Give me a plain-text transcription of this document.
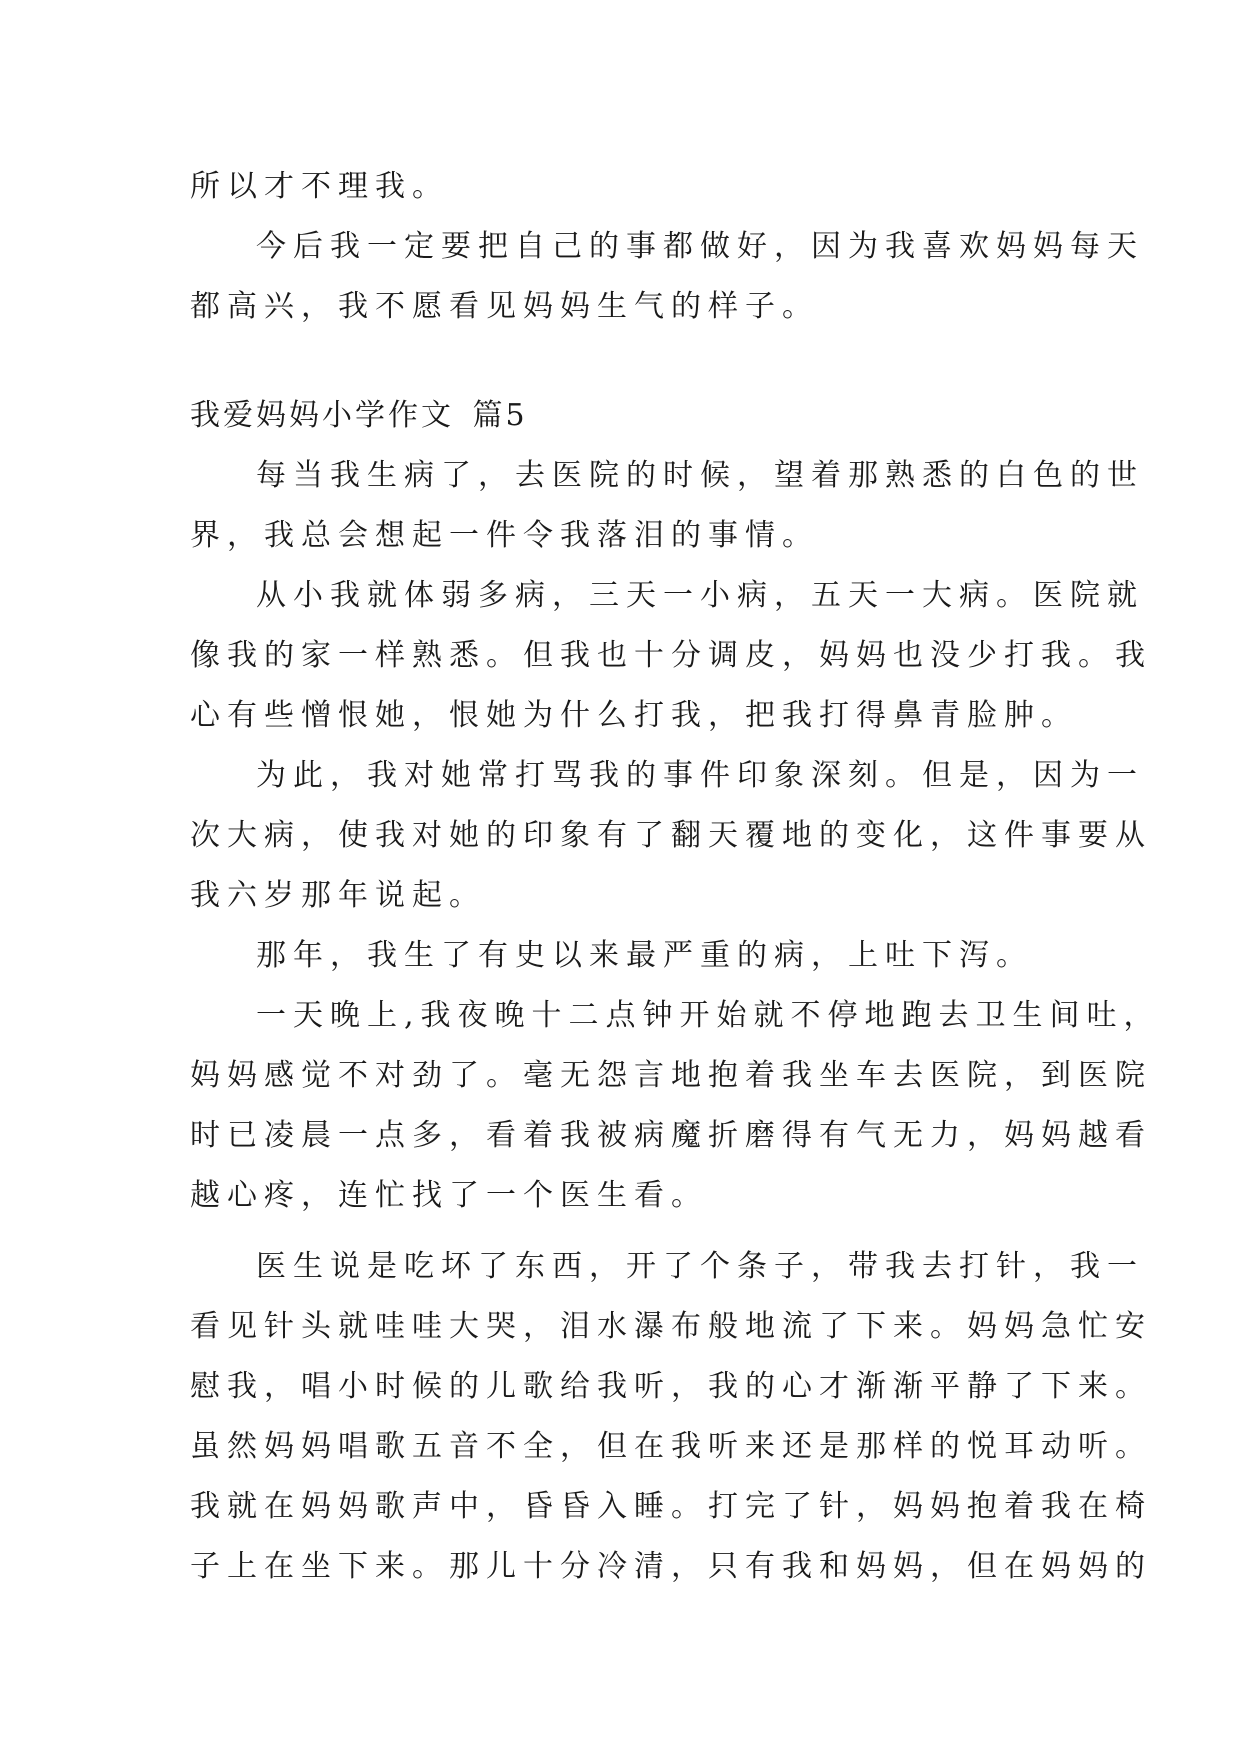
所以才不理我。
今后我一定要把自己的事都做好，因为我喜欢妈妈每天
都高兴，我不愿看见妈妈生气的样子。
我爱妈妈小学作文 篇5
每当我生病了，去医院的时候，望着那熟悉的白色的世
界，我总会想起一件令我落泪的事情。
从小我就体弱多病，三天一小病，五天一大病。医院就
像我的家一样熟悉。但我也十分调皮，妈妈也没少打我。我
心有些憎恨她，恨她为什么打我，把我打得鼻青脸肿。
为此，我对她常打骂我的事件印象深刻。但是，因为一
次大病，使我对她的印象有了翻天覆地的变化，这件事要从
我六岁那年说起。
那年，我生了有史以来最严重的病，上吐下泻。
一天晚上,我夜晚十二点钟开始就不停地跑去卫生间吐，
妈妈感觉不对劲了。毫无怨言地抱着我坐车去医院，到医院
时已凌晨一点多，看着我被病魔折磨得有气无力，妈妈越看
越心疼，连忙找了一个医生看。
医生说是吃坏了东西，开了个条子，带我去打针，我一
看见针头就哇哇大哭，泪水瀑布般地流了下来。妈妈急忙安
慰我，唱小时候的儿歌给我听，我的心才渐渐平静了下来。
虽然妈妈唱歌五音不全，但在我听来还是那样的悦耳动听。
我就在妈妈歌声中，昏昏入睡。打完了针，妈妈抱着我在椅
子上在坐下来。那儿十分冷清，只有我和妈妈，但在妈妈的
